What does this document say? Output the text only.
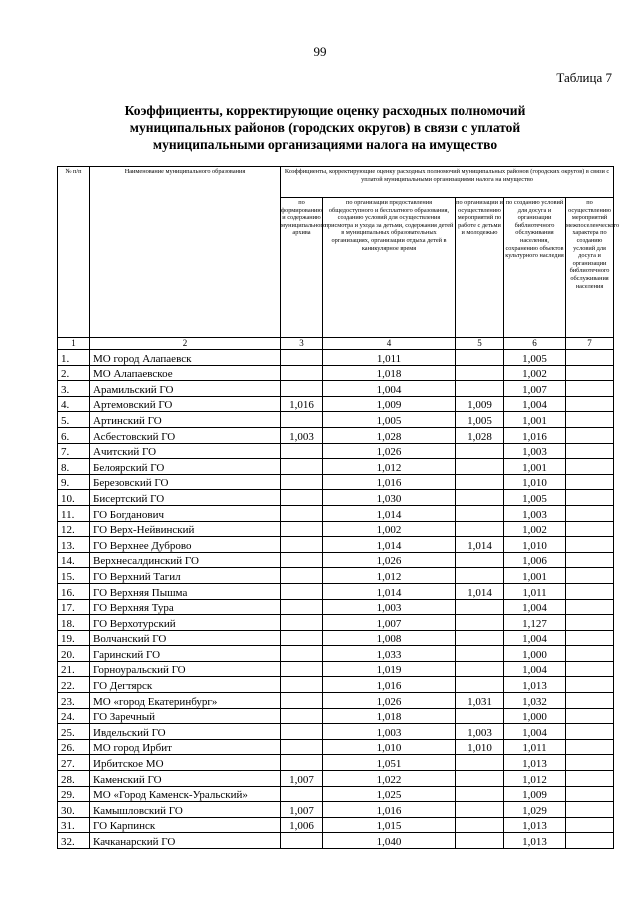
99
Таблица 7
Коэффициенты, корректирующие оценку расходных полномочий
муниципальных районов (городских округов) в связи с уплатой
муниципальными организациями налога на имущество
№ п/п	Наименование муниципального образования	Коэффициенты, корректирующие оценку расходных полномочий муниципальных районов (городских округов) в связи с уплатой муниципальными организациями налога на имущество				
		по формированию и содержанию муниципального архива	по организации предоставления общедоступного и бесплатного образования, созданию условий для осуществления присмотра и ухода за детьми, содержания детей в муниципальных образовательных организациях, организации отдыха детей в каникулярное время	по организации и осуществлению мероприятий по работе с детьми и молодежью	по созданию условий для досуга и организации библиотечного обслуживания населения, сохранению объектов культурного наследия	по осуществлению мероприятий межпоселенческого характера по созданию условий для досуга и организации библиотечного обслуживания населения
1	2	3	4	5	6	7
1.	МО город Алапаевск		1,011		1,005	
2.	МО Алапаевское		1,018		1,002	
3.	Арамильский ГО		1,004		1,007	
4.	Артемовский ГО	1,016	1,009	1,009	1,004	
5.	Артинский ГО		1,005	1,005	1,001	
6.	Асбестовский ГО	1,003	1,028	1,028	1,016	
7.	Ачитский ГО		1,026		1,003	
8.	Белоярский ГО		1,012		1,001	
9.	Березовский ГО		1,016		1,010	
10.	Бисертский ГО		1,030		1,005	
11.	ГО Богданович		1,014		1,003	
12.	ГО Верх-Нейвинский		1,002		1,002	
13.	ГО Верхнее Дуброво		1,014	1,014	1,010	
14.	Верхнесалдинский ГО		1,026		1,006	
15.	ГО Верхний Тагил		1,012		1,001	
16.	ГО Верхняя Пышма		1,014	1,014	1,011	
17.	ГО Верхняя Тура		1,003		1,004	
18.	ГО Верхотурский		1,007		1,127	
19.	Волчанский ГО		1,008		1,004	
20.	Гаринский ГО		1,033		1,000	
21.	Горноуральский ГО		1,019		1,004	
22.	ГО Дегтярск		1,016		1,013	
23.	МО «город Екатеринбург»		1,026	1,031	1,032	
24.	ГО Заречный		1,018		1,000	
25.	Ивдельский ГО		1,003	1,003	1,004	
26.	МО город Ирбит		1,010	1,010	1,011	
27.	Ирбитское МО		1,051		1,013	
28.	Каменский ГО	1,007	1,022		1,012	
29.	МО «Город Каменск-Уральский»		1,025		1,009	
30.	Камышловский ГО	1,007	1,016		1,029	
31.	ГО Карпинск	1,006	1,015		1,013	
32.	Качканарский ГО		1,040		1,013	
